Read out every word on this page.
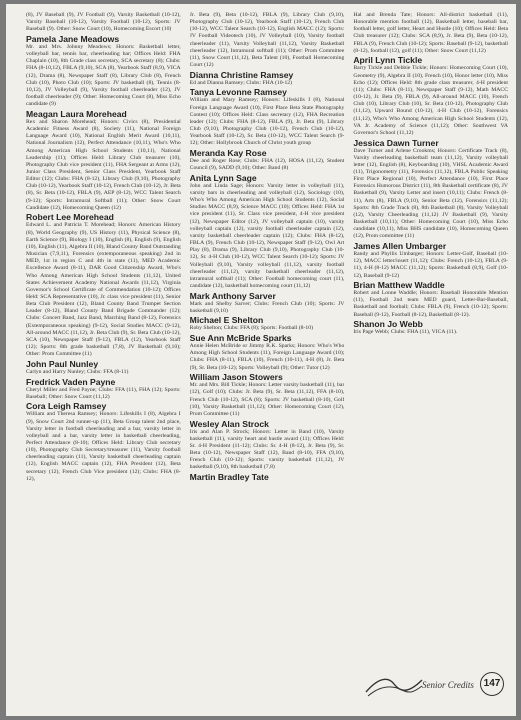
(8), JV Baseball (9), JV Football (9), Varsity Basketball (10-12), Varsity Baseball (10-12), Varsity Football (10-12), Sports: JV Baseball (9). Other: Snow Court (10), Homecoming Escort (10)

Pamela Jane Meadows

Mr. and Mrs. Johnny Meadows; Honors: Basketball letter, volleyball bar, tennis bar, cheerleading bar; Offices Held: FHA Chaplain (10), 8th Grade class secretary, SCA secretary (8); Clubs: FHA (8-10,12), FBLA (9,10), SCA (8), Yearbook Staff (8,9), VICA (12), Drama (8), Newspaper Staff (8), Library Club (8), French Club (10), Photo Club (10); Sports: JV basketball (8), Tennis (8-10,12), JV Volleyball (9), Varsity football cheerleader (12), JV football cheerleader (9); Other: Homecoming Court (8), Miss Echo candidate (9)

Meagan Laura Morehead

Rex and Sharon Morehead; Honors: Civics (8), Presidential Academic Fitness Award (8), Society (11), National Foreign Language Award (10), National English Merit Award (10,11), National Journalism (12), Perfect Attendance (10,11), Who's Who Among American High School Students (10,11), National Leadership (11); Offices Held: Library Club treasurer (10), Photography Club vice president (11), FHA Sergeant at Arms (12), Junior Class President, Senior Class President, Yearbook Staff Editor (12); Clubs: FHA (8-12), Library Club (9,10), Photography Club (10-12), Yearbook Staff (10-12), French Club (10-12), Jr. Beta (8), Sr. Beta (10-12), FBLA (9), AEP (8-12), WCC Talent Search (9-12); Sports: Intramural Softball (11); Other: Snow Court Candidate (12), Homecoming Queen (12)

Robert Lee Morehead

Edward L. and Patricia T. Morehead; Honors: American History (8), World Geography (9), US History (11), Physical Science (8), Earth Science (9), Biology I (10), English (8), English (9), English (10), English (11), Algebra II (10), Bland County Band Outstanding Musician (7,9,11), Forensics (extemporaneous speaking) 2nd in MED, 1st in region C and 4th in state (11), MED Academic Excellence Award (8-11), DAR Good Citizenship Award, Who's Who Among American High School Students (11,12), United States Achievement Academy National Awards (11,12), Virginia Governor's School Certificate of Commendation (10-12); Offices Held: SCA Representative (10), Jr. class vice president (11), Senior Beta Club President (12), Bland County Band Trumpet Section Leader (8-12), Bland County Band Brigade Commander (12); Clubs: Concert Band, Jazz Band, Marching Band (8-12), Forensics (Extemporaneous speaking) (9-12), Social Studies MACC (9-12), All-around MACC (11,12), Jr. Beta Club (9), Sr. Beta Club (10-12), SCA (10), Newspaper Staff (9-12), FBLA (12), Yearbook Staff (12); Sports: 8th grade basketball (7,8), JV Basketball (9,10); Other: Prom Committee (11)

John Paul Nunley

Carlyn and Harry Nunley; Clubs: FFA (8-11)

Fredrick Vaden Payne

Cheryl Miller and Fred Payne; Clubs: FFA (11), FHA (12); Sports: Baseball; Other: Snow Court (11,12)

Cora Leigh Ramsey

William and Theresa Ramsey; Honors: Lifeskills I (8), Algebra I (9), Snow Court 2nd runner-up (11), Beta Group talent 2nd place, Varsity letter in football cheerleading and a bar, varsity letter in volleyball and a bar, varsity letter in basketball cheerleading, Perfect Attendance (8-10); Offices Held: Library Club secretary (10), Photography Club Secretary/treasurer (11), Varsity football cheerleading captain (11), Varsity basketball cheerleading captain (12), English MACC captain (12), FHA President (12), Beta secretary (12), French Club Vice president (12); Clubs: FHA (8-12),

Jr. Beta (9), Beta (10-12), FBLA (9), Library Club (9,10), Photography Club (10-12), Yearbook Staff (10-12), French Club (10-12), WCC Talent Search (10-12), English MACC (12); Sports: JV Football Videotech (10), JV Volleyball (10), Varsity football cheerleader (11), Varsity Volleyball (11,12), Varsity Basketball cheerleader (12), Intramural softball (11); Other: Prom Committee (11), Snow Court (11,12), Beta Talent (10), Football Homecoming Court (12)

Dianna Christine Ramsey

Ed and Dianna Ramsey; Clubs: FHA (10-12)

Tanya Levonne Ramsey

William and Mary Ramsey; Honors: Lifeskills I (8), National Foreign Language Award (10), First Place Beta State Photography Contest (10); Offices Held: Class secretary (12), FHA Recreation leader (12); Clubs: FHA (8-12), FBLA (9), Jr. Beta (9), Library Club (9,10), Photography Club (10-12), French Club (10-12), Yearbook Staff (10-12), Sr. Beta (10-12), WCC Talent Search (9-12); Other: Hollybrook Church of Christ youth group

Meranda Kay Rose

Dee and Roger Rose; Clubs: FHA (12), HOSA (11,12), Student Council (9), SADD (9,10); Other: Band (8)

Anita Lynn Sage

John and Linda Sage; Honors: Varsity letter in volleyball (11), varsity bars in cheerleading and volleyball (12), Sociology (10), Who's Who Among American High School Students (12), Social Studies MACC (8,9), Science MACC (10); Offices Held: FHA 1st vice president (11), Sr. Class vice president, 4-H vice president (12), Newspaper Editor (12), JV volleyball captain (10), varsity volleyball captain (12), varsity football cheerleader captain (12), varsity basketball cheerleader captain (12); Clubs: FHA (8-12), FBLA (9), French Club (10-12), Newspaper Staff (9-12), Owl Art Play (8), Drama (9), Library Club (9,10), Photography Club (10-12), Sr. 4-H Club (10-12), WCC Talent Search (10-12); Sports: JV Volleyball (9,10), Varsity volleyball (11,12), varsity football cheerleader (11,12), varsity basketball cheerleader (11,12), intramural softball (11); Other: Football homecoming court (11), candidate (12), basketball homecoming court (11,12)

Mark Anthony Sarver

Mark and Shelby Sarver; Clubs: French Club (10); Sports: JV basketball (9,10)

Michael E Shelton

Roby Shelton; Clubs: FFA (8); Sports: Football (8-10)

Sue Ann McBride Sparks

Annie Helen McBride or Jimmy R.K. Sparks; Honors: Who's Who Among High School Students (11), Foreign Language Award (10); Clubs: FHA (8-11), FBLA (10), French (10-11), 4-H (8), Jr. Beta (9), Sr. Beta (10-12); Sports: Volleyball (9); Other: Tutor (12)

William Jason Stowers

Mr. and Mrs. Bill Tickle; Honors: Letter varsity basketball (11), bar (12), Golf (10); Clubs: Jr. Beta (9), Sr. Beta (11,12), FFA (8-10), French Club (10-12), SCA (8); Sports: JV basketball (8-10), Golf (10), Varsity Basketball (11,12); Other: Homecoming Court (12), Prom Committee (11)

Wesley Alan Strock

Iris and Alan P. Strock; Honors: Letter in Band (10), Varsity basketball (11), varsity heart and hustle award (11); Offices Held: Sr. 4-H President (11-12); Clubs: Sr. 4-H (8-12), Jr. Beta (9), Sr. Beta (10-12), Newspaper Staff (12), Band (8-10), FFA (9,10), French Club (10-12); Sports: varsity basketball (11,12), JV basketball (9,10), 8th basketball (7,8)

Martin Bradley Tate

Hal and Brenda Tate; Honors: All-district basketball (11), Honorable mention football (12), Basketball letter, baseball bar, football letter, golf letter, Heart and Hustle (10); Offices Held: Beta Club treasurer (12); Clubs: SCA (8,9), Jr. Beta (9), Beta (10-12), FBLA (9), French Club (10-12); Sports: Baseball (9-12), basketball (8-12), football (12), golf (11); Other: Snow Court (11,12)

April Lynn Tickle

Barry Tickle and Debbie Tickle; Honors: Homecoming Court (10), Geometry (9), Algebra II (10), French (10), Honor letter (10), Miss Echo (12); Offices Held: 8th grade class treasurer, 4-H president (11); Clubs: FHA (8-11), Newspaper Staff (9-12), Math MACC (10-12), Jr. Beta (9), FBLA (9), All-around MACC (10), French Club (10), Library Club (10), Sr. Beta (10-12), Photography Club (11,12), Upward Bound (10-12), 4-H Club (10-12), Forensics (11,12), Who's Who Among American High School Students (12), VA Jr. Academy of Science (11,12); Other: Southwest VA Governor's School (11,12)

Jessica Dawn Turner

Dave Turner and Arlene Crookms; Honors: Certificate Track (8), Varsity cheerleading basketball team (11,12), Varsity volleyball letter (12), English (8), Keyboarding (10), VHSL Academic Award (11), Trigonometry (11), Forensics (11,12), FBLA Public Speaking First Place Regional (10), Perfect Attendance (10), First Place Forensics Humorous District (11), 8th Basketball certificate (8), JV Basketball (9), Varsity Letter and insert (10,11); Clubs: French (8-11), Arts (8), FBLA (9,10), Senior Beta (12), Forensics (11,12); Sports: 8th Grade Track (8), 8th Basketball (8), Varsity Volleyball (12), Varsity Cheerleading (11,12) JV Basketball (9), Varsity Basketball (10,11); Other: Homecoming Court (10), Miss Echo candidate (10,11), Miss BHS candidate (10), Homecoming Queen (12), Prom committee (11)

James Allen Umbarger

Randy and Phyllis Umbarger; Honors: Letter-Golf, Baseball (10-12), MACC letter/insert (11,12); Clubs: French (10-12), FBLA (9-11), 4-H (8-12) MACC (11,12); Sports: Basketball (8,9), Golf (10-12), Baseball (9-12)

Brian Matthew Waddle

Robert and Lonne Waddle; Honors: Baseball Honorable Mention (11), Football 2nd team MED guard, Letter-Bar-Baseball, Basketball and football; Clubs: FBLA (9), French (10-12); Sports: Baseball (9-12), Football (8-12), Basketball (8-12).

Shanon Jo Webb

Iris Page Webb; Clubs: FHA (11), VICA (11).

Senior Credits 147
